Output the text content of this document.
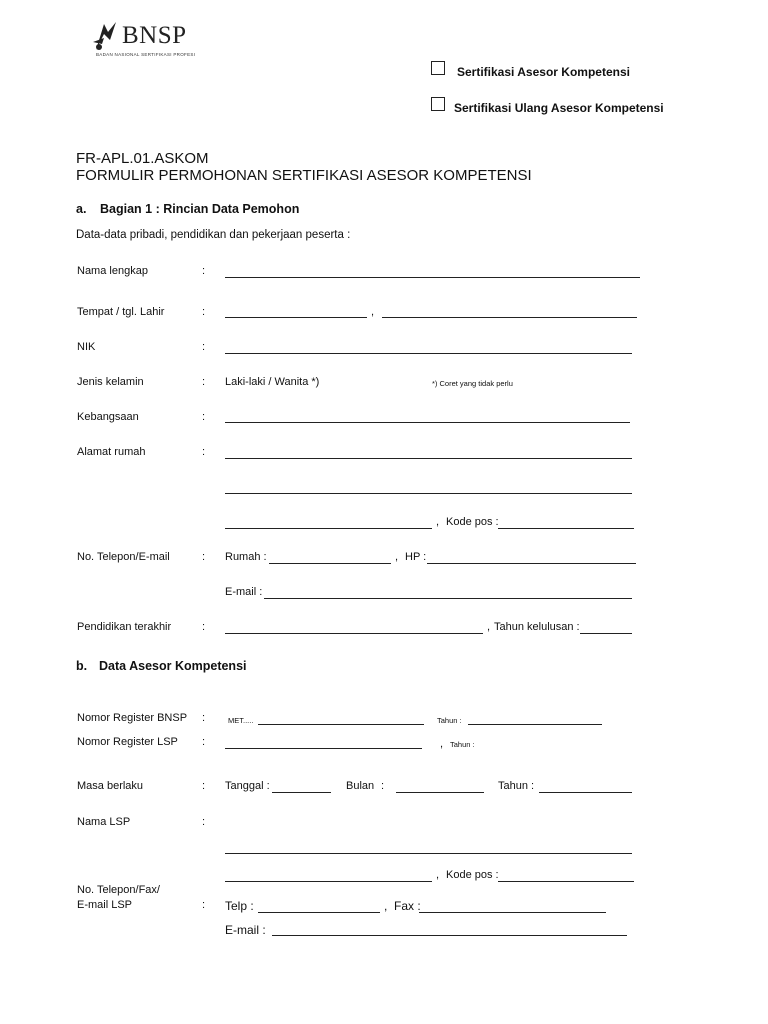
BNSP
BADAN NASIONAL SERTIFIKASI PROFESI
Sertifikasi Asesor Kompetensi
Sertifikasi Ulang Asesor Kompetensi
FR-APL.01.ASKOM
FORMULIR PERMOHONAN SERTIFIKASI ASESOR KOMPETENSI
a. Bagian 1 : Rincian Data Pemohon
Data-data pribadi, pendidikan dan pekerjaan peserta :
Nama lengkap	:
Tempat / tgl. Lahir	:	,
NIK	:
Jenis kelamin	: Laki-laki / Wanita *)	*) Coret yang tidak perlu
Kebangsaan	:
Alamat rumah	:
, Kode pos :
No. Telepon/E-mail	: Rumah :	, HP :
E-mail :
Pendidikan terakhir	:	, Tahun kelulusan :
b. Data Asesor Kompetensi
Nomor Register BNSP :	MET.....	Tahun :
Nomor Register LSP :	, Tahun :
Masa berlaku	: Tanggal :	Bulan :	Tahun :
Nama LSP	:
, Kode pos :
No. Telepon/Fax/
E-mail LSP	: Telp :	, Fax :
E-mail :
